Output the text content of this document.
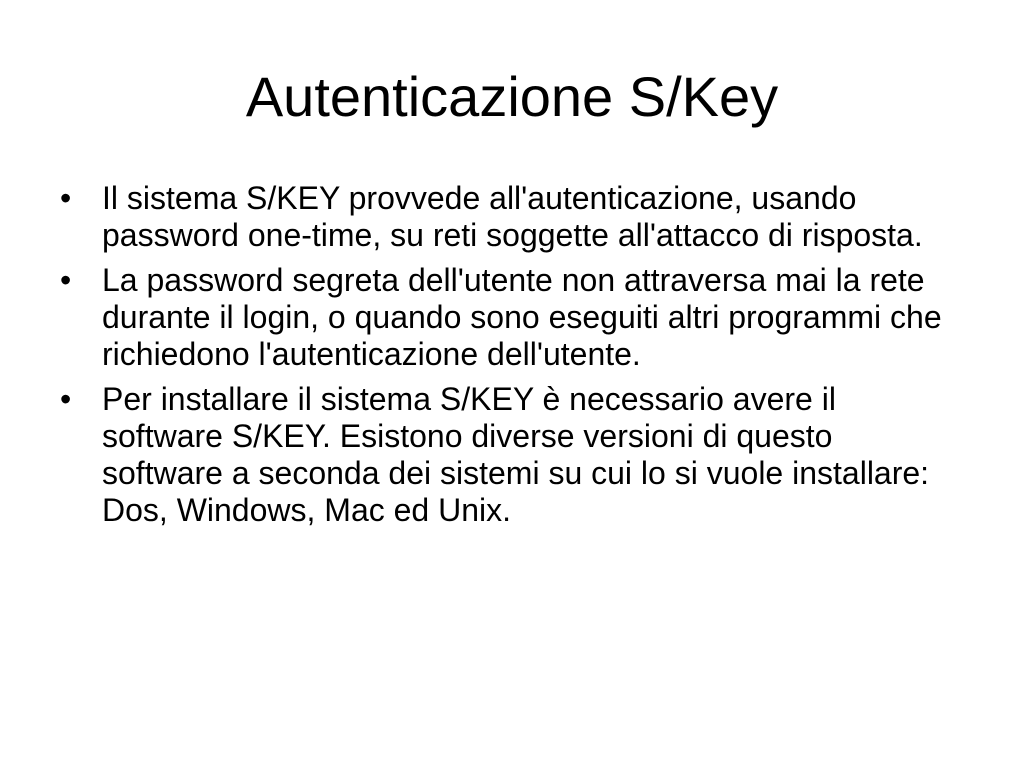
Autenticazione S/Key
• Il sistema S/KEY provvede all'autenticazione, usando password one-time, su reti soggette all'attacco di risposta.
• La password segreta dell'utente non attraversa mai la rete durante il login, o quando sono eseguiti altri programmi che richiedono l'autenticazione dell'utente.
• Per installare il sistema S/KEY è necessario avere il software S/KEY. Esistono diverse versioni di questo software a seconda dei sistemi su cui lo si vuole installare: Dos, Windows, Mac ed Unix.
